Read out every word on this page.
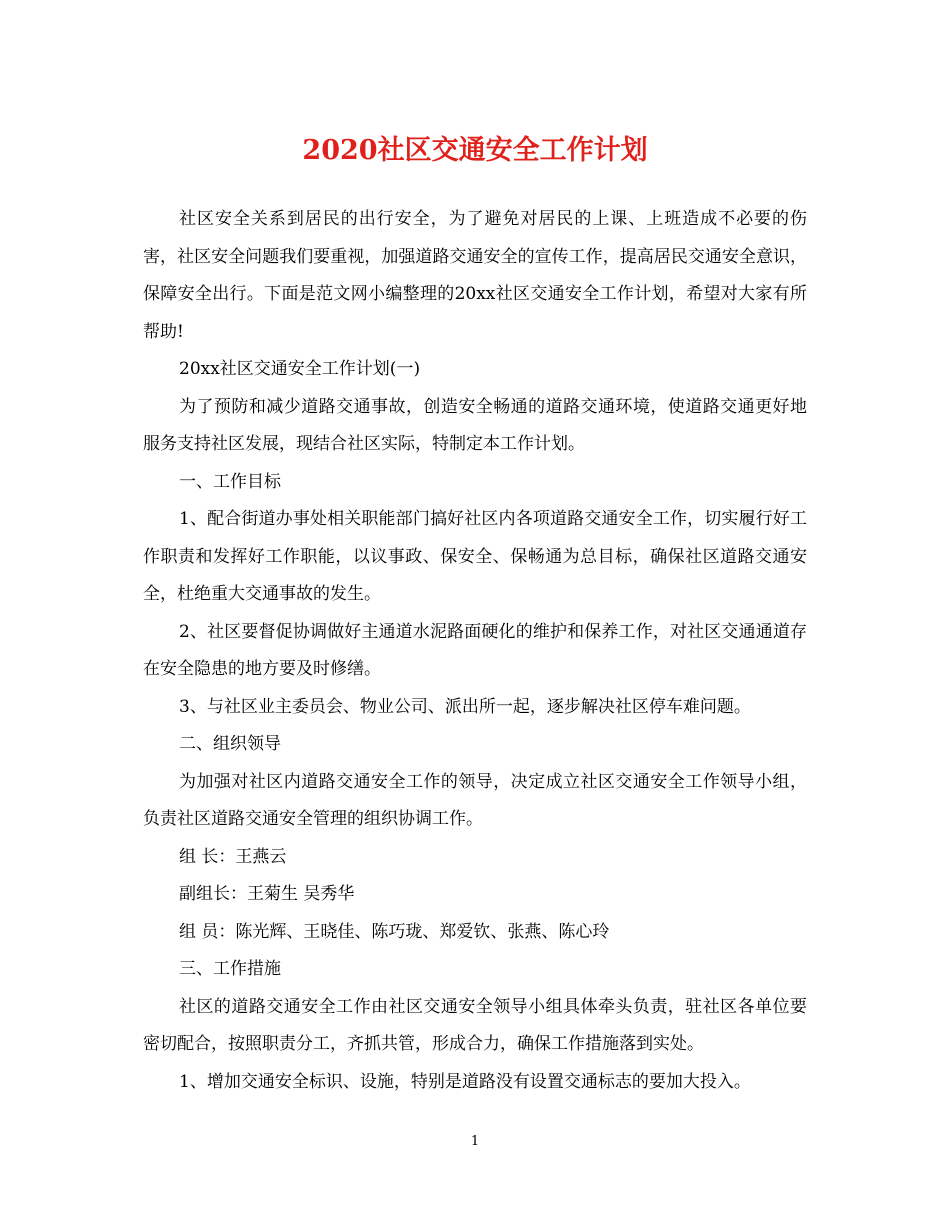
2020社区交通安全工作计划

社区安全关系到居民的出行安全，为了避免对居民的上课、上班造成不必要的伤害，社区安全问题我们要重视，加强道路交通安全的宣传工作，提高居民交通安全意识，保障安全出行。下面是范文网小编整理的20xx社区交通安全工作计划，希望对大家有所帮助!

20xx社区交通安全工作计划(一)

为了预防和减少道路交通事故，创造安全畅通的道路交通环境，使道路交通更好地服务支持社区发展，现结合社区实际，特制定本工作计划。

一、工作目标

1、配合街道办事处相关职能部门搞好社区内各项道路交通安全工作，切实履行好工作职责和发挥好工作职能，以议事政、保安全、保畅通为总目标，确保社区道路交通安全，杜绝重大交通事故的发生。

2、社区要督促协调做好主通道水泥路面硬化的维护和保养工作，对社区交通通道存在安全隐患的地方要及时修缮。

3、与社区业主委员会、物业公司、派出所一起，逐步解决社区停车难问题。

二、组织领导

为加强对社区内道路交通安全工作的领导，决定成立社区交通安全工作领导小组，负责社区道路交通安全管理的组织协调工作。

组 长：王燕云

副组长：王菊生 吴秀华

组 员：陈光辉、王晓佳、陈巧珑、郑爱钦、张燕、陈心玲

三、工作措施

社区的道路交通安全工作由社区交通安全领导小组具体牵头负责，驻社区各单位要密切配合，按照职责分工，齐抓共管，形成合力，确保工作措施落到实处。

1、增加交通安全标识、设施，特别是道路没有设置交通标志的要加大投入。

1
